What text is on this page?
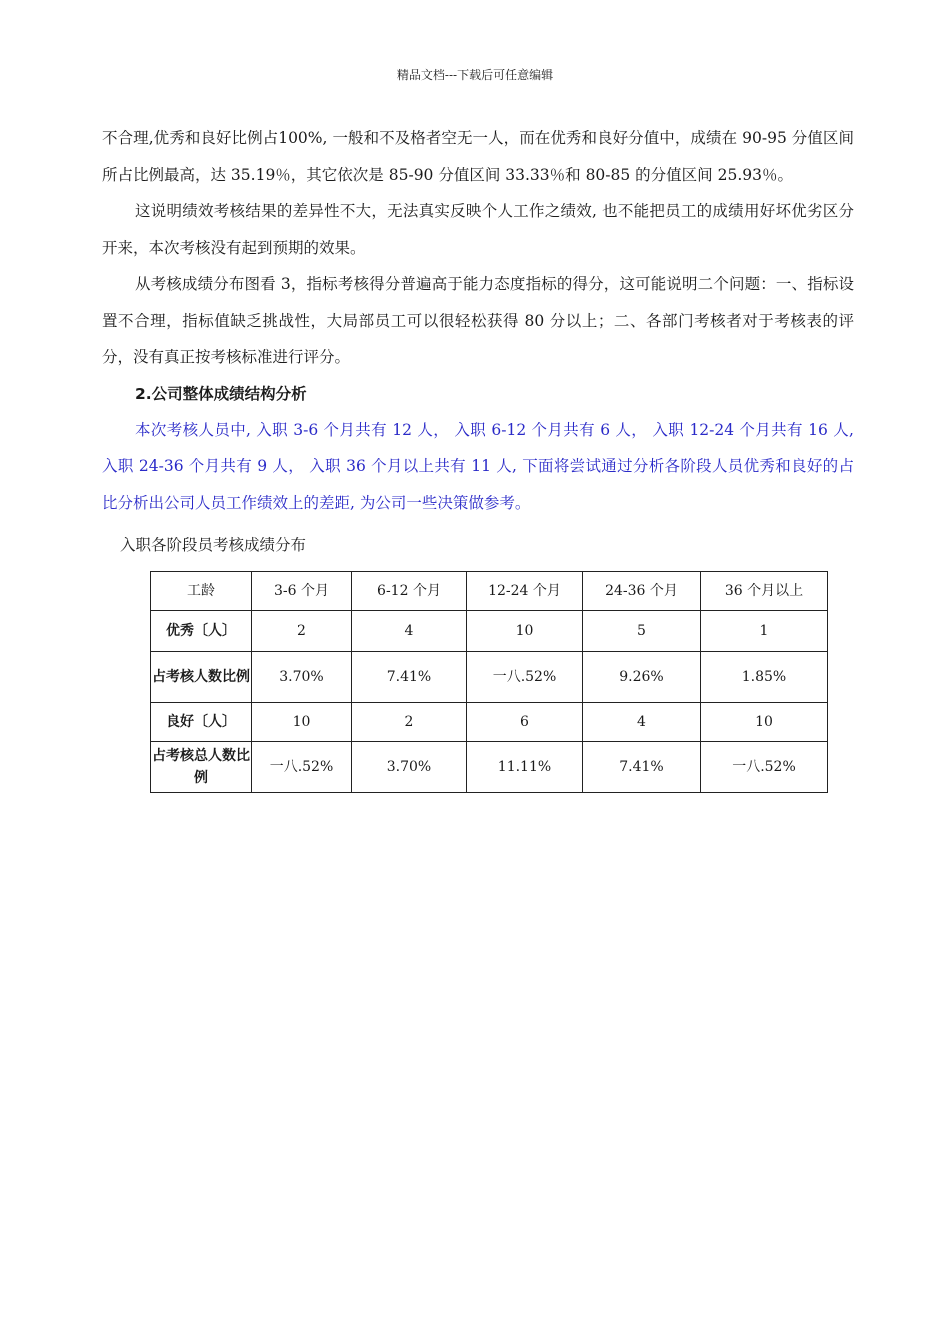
精品文档---下载后可任意编辑

不合理,优秀和良好比例占100%, 一般和不及格者空无一人，而在优秀和良好分值中，成绩在 90-95 分值区间所占比例最高，达 35.19％，其它依次是 85-90 分值区间 33.33％和 80-85 的分值区间 25.93％。

这说明绩效考核结果的差异性不大，无法真实反映个人工作之绩效, 也不能把员工的成绩用好坏优劣区分开来，本次考核没有起到预期的效果。

从考核成绩分布图看 3，指标考核得分普遍高于能力态度指标的得分，这可能说明二个问题：一、指标设置不合理，指标值缺乏挑战性，大局部员工可以很轻松获得 80 分以上；二、各部门考核者对于考核表的评分，没有真正按考核标准进行评分。

2.公司整体成绩结构分析

本次考核人员中, 入职 3-6 个月共有 12 人， 入职 6-12 个月共有 6 人， 入职 12-24 个月共有 16 人, 入职 24-36 个月共有 9 人， 入职 36 个月以上共有 11 人, 下面将尝试通过分析各阶段人员优秀和良好的占比分析出公司人员工作绩效上的差距, 为公司一些决策做参考。

入职各阶段员考核成绩分布
工龄	3-6 个月	6-12 个月	12-24 个月	24-36 个月	36 个月以上
优秀〔人〕	2	4	10	5	1
占考核人数比例	3.70%	7.41%	一八.52%	9.26%	1.85%
良好〔人〕	10	2	6	4	10
占考核总人数比例	一八.52%	3.70%	11.11%	7.41%	一八.52%
